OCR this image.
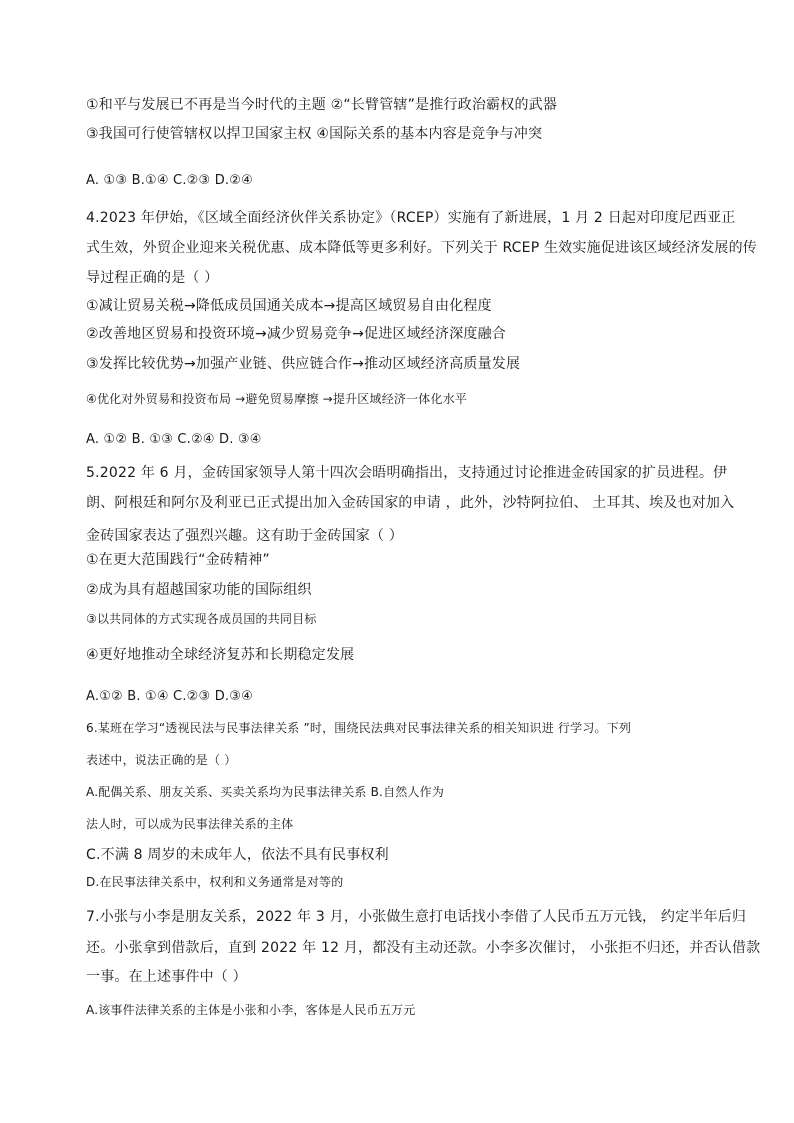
①和平与发展已不再是当今时代的主题 ②“长臂管辖”是推行政治霸权的武器
③我国可行使管辖权以捍卫国家主权 ④国际关系的基本内容是竞争与冲突
A. ①③ B.①④ C.②③ D.②④
4.2023 年伊始，《区域全面经济伙伴关系协定》（RCEP）实施有了新进展，1 月 2 日起对印度尼西亚正
式生效，外贸企业迎来关税优惠、成本降低等更多利好。下列关于 RCEP 生效实施促进该区域经济发展的传
导过程正确的是（ ）
①减让贸易关税→降低成员国通关成本→提高区域贸易自由化程度
②改善地区贸易和投资环境→减少贸易竞争→促进区域经济深度融合
③发挥比较优势→加强产业链、供应链合作→推动区域经济高质量发展
④优化对外贸易和投资布局 →避免贸易摩擦 →提升区域经济一体化水平
A. ①② B. ①③ C.②④ D. ③④
5.2022 年 6 月，金砖国家领导人第十四次会晤明确指出，支持通过讨论推进金砖国家的扩员进程。伊
朗、阿根廷和阿尔及利亚已正式提出加入金砖国家的申请 ，此外，沙特阿拉伯、 土耳其、埃及也对加入
金砖国家表达了强烈兴趣。这有助于金砖国家（ ）
①在更大范围践行“金砖精神”
②成为具有超越国家功能的国际组织
③以共同体的方式实现各成员国的共同目标
④更好地推动全球经济复苏和长期稳定发展
A.①② B. ①④ C.②③ D.③④
6.某班在学习“透视民法与民事法律关系 ”时，围绕民法典对民事法律关系的相关知识进 行学习。下列
表述中，说法正确的是（ ）
A.配偶关系、朋友关系、买卖关系均为民事法律关系 B.自然人作为
法人时，可以成为民事法律关系的主体
C.不满 8 周岁的未成年人，依法不具有民事权利
D.在民事法律关系中，权利和义务通常是对等的
7.小张与小李是朋友关系，2022 年 3 月，小张做生意打电话找小李借了人民币五万元钱， 约定半年后归
还。小张拿到借款后，直到 2022 年 12 月，都没有主动还款。小李多次催讨， 小张拒不归还，并否认借款
一事。在上述事件中（ ）
A.该事件法律关系的主体是小张和小李，客体是人民币五万元
